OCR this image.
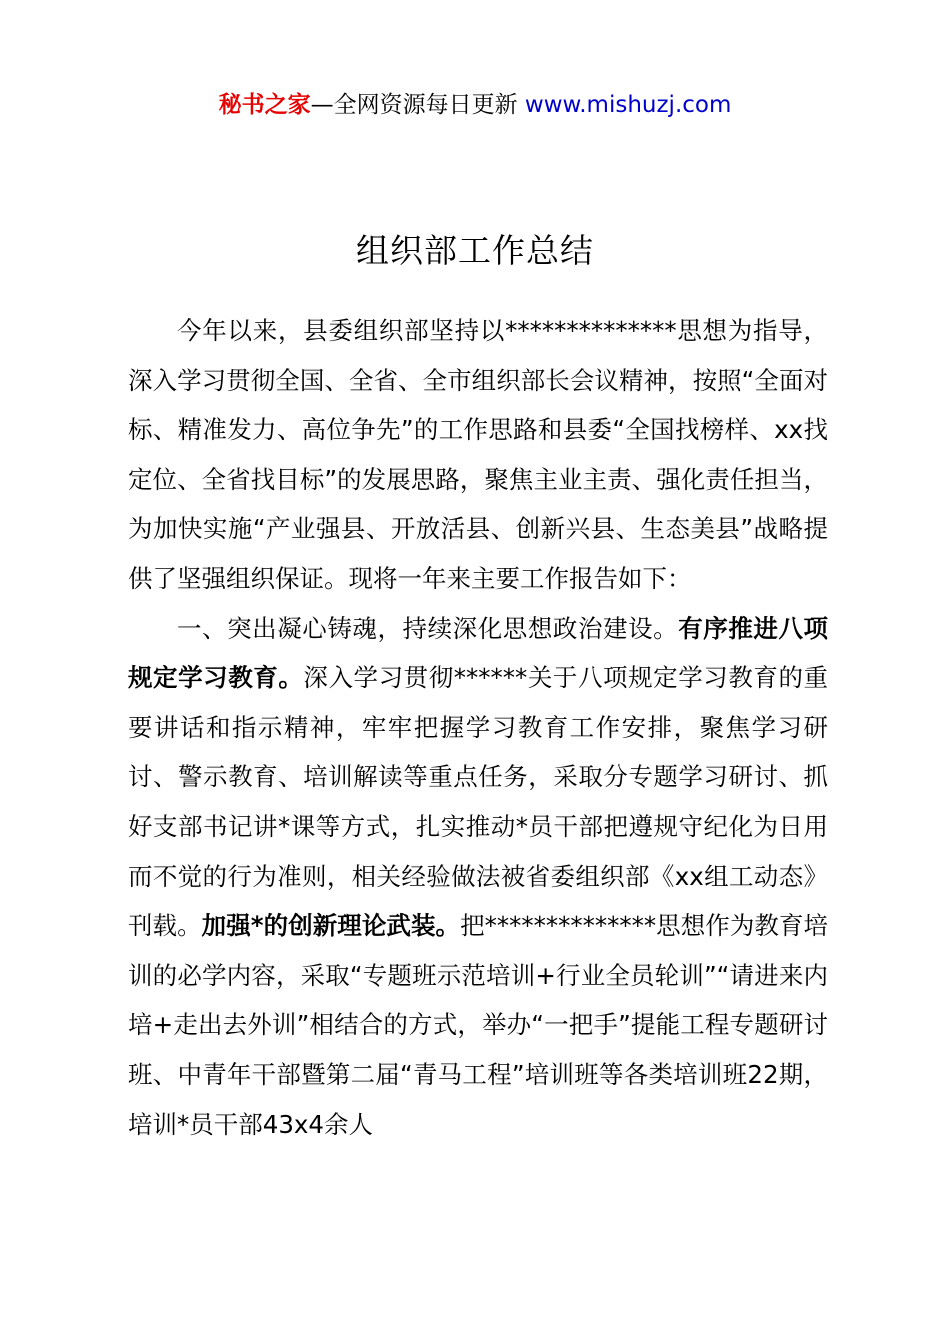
秘书之家—全网资源每日更新 www.mishuzj.com
组织部工作总结

今年以来，县委组织部坚持以**************思想为指导，深入学习贯彻全国、全省、全市组织部长会议精神，按照“全面对标、精准发力、高位争先”的工作思路和县委“全国找榜样、xx找定位、全省找目标”的发展思路，聚焦主业主责、强化责任担当，为加快实施“产业强县、开放活县、创新兴县、生态美县”战略提供了坚强组织保证。现将一年来主要工作报告如下：

一、突出凝心铸魂，持续深化思想政治建设。有序推进八项规定学习教育。深入学习贯彻******关于八项规定学习教育的重要讲话和指示精神，牢牢把握学习教育工作安排，聚焦学习研讨、警示教育、培训解读等重点任务，采取分专题学习研讨、抓好支部书记讲*课等方式，扎实推动*员干部把遵规守纪化为日用而不觉的行为准则，相关经验做法被省委组织部《xx组工动态》刊载。加强*的创新理论武装。把**************思想作为教育培训的必学内容，采取“专题班示范培训+行业全员轮训”“请进来内培+走出去外训”相结合的方式，举办“一把手”提能工程专题研讨班、中青年干部暨第二届“青马工程”培训班等各类培训班22期，培训*员干部43x4余人
